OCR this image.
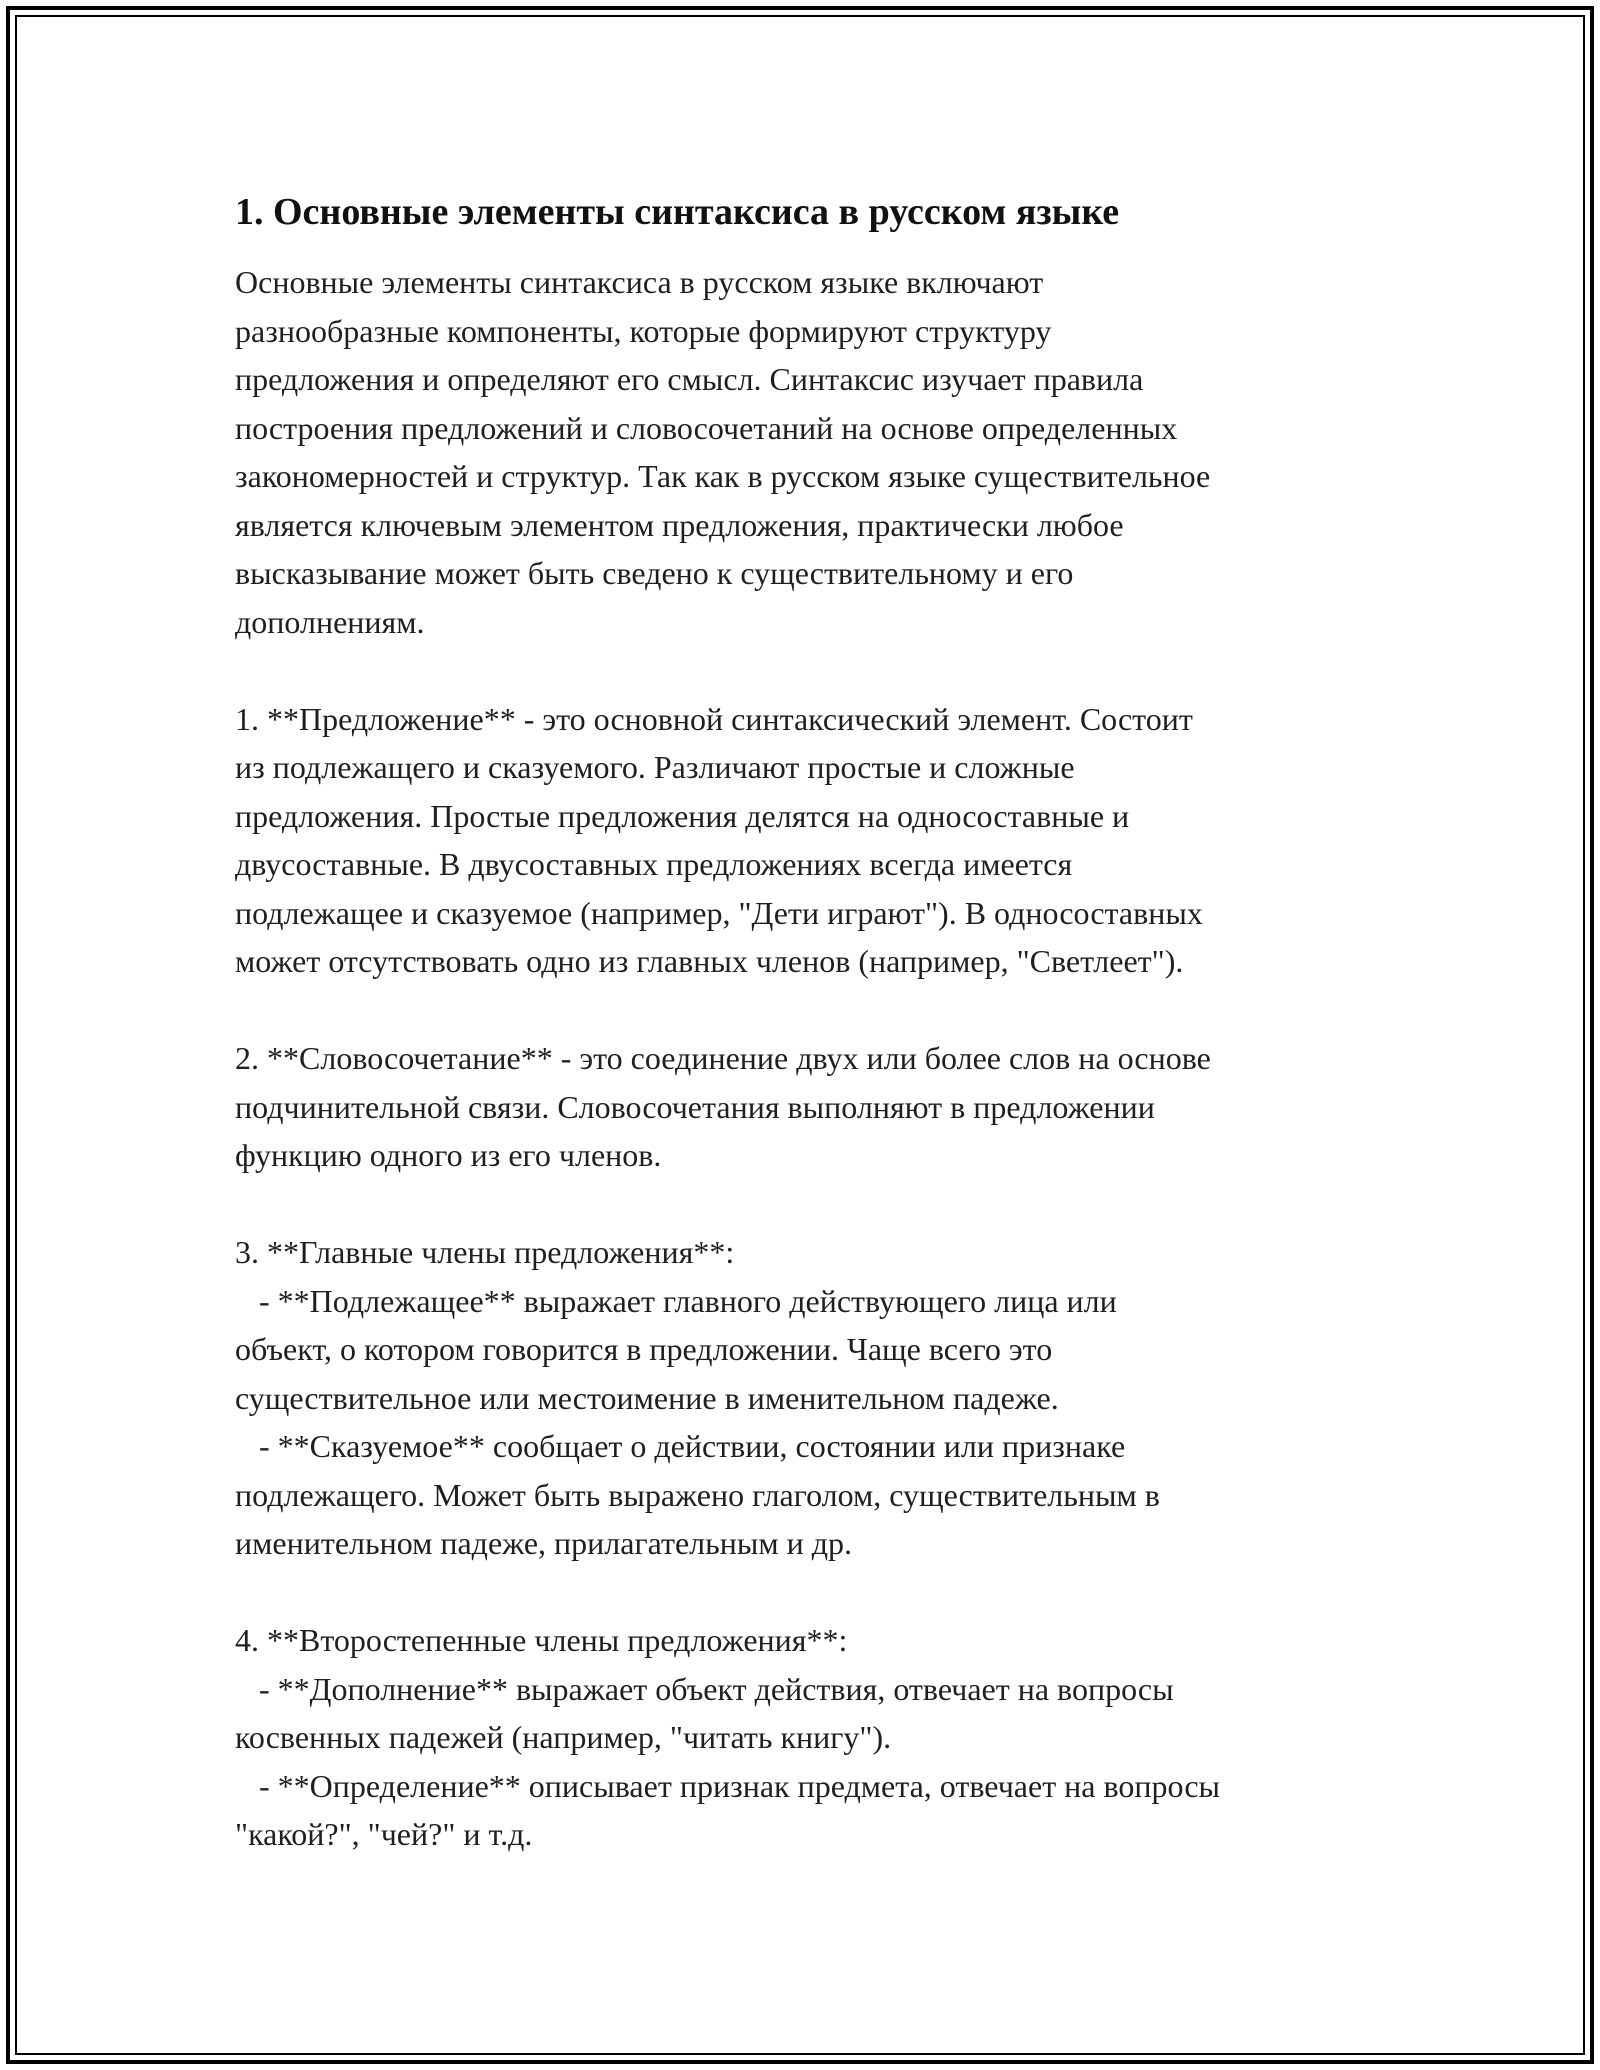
1. Основные элементы синтаксиса в русском языке

Основные элементы синтаксиса в русском языке включают
разнообразные компоненты, которые формируют структуру
предложения и определяют его смысл. Синтаксис изучает правила
построения предложений и словосочетаний на основе определенных
закономерностей и структур. Так как в русском языке существительное
является ключевым элементом предложения, практически любое
высказывание может быть сведено к существительному и его
дополнениям.

1. **Предложение** - это основной синтаксический элемент. Состоит
из подлежащего и сказуемого. Различают простые и сложные
предложения. Простые предложения делятся на односоставные и
двусоставные. В двусоставных предложениях всегда имеется
подлежащее и сказуемое (например, "Дети играют"). В односоставных
может отсутствовать одно из главных членов (например, "Светлеет").

2. **Словосочетание** - это соединение двух или более слов на основе
подчинительной связи. Словосочетания выполняют в предложении
функцию одного из его членов.

3. **Главные члены предложения**:
- **Подлежащее** выражает главного действующего лица или
объект, о котором говорится в предложении. Чаще всего это
существительное или местоимение в именительном падеже.
- **Сказуемое** сообщает о действии, состоянии или признаке
подлежащего. Может быть выражено глаголом, существительным в
именительном падеже, прилагательным и др.

4. **Второстепенные члены предложения**:
- **Дополнение** выражает объект действия, отвечает на вопросы
косвенных падежей (например, "читать книгу").
- **Определение** описывает признак предмета, отвечает на вопросы
"какой?", "чей?" и т.д.
